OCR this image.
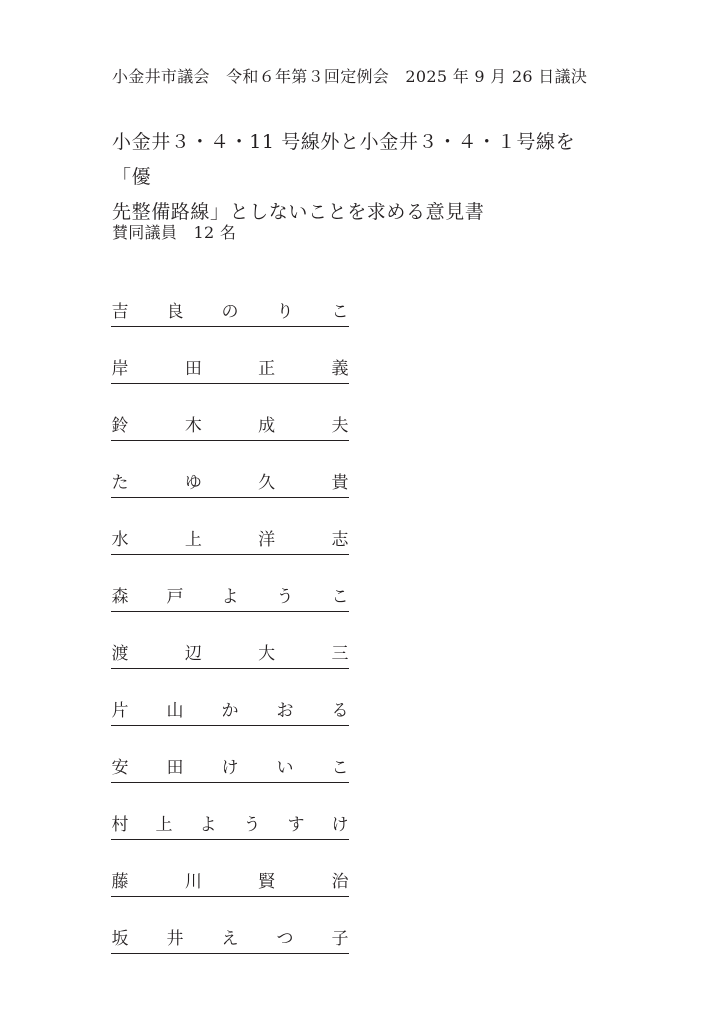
小金井市議会　令和６年第３回定例会　2025 年 9 月 26 日議決
小金井３・４・11 号線外と小金井３・４・１号線を「優
先整備路線」としないことを求める意見書
賛同議員　12 名
吉 良 の り こ
岸	田	正	義
鈴	木	成	夫
た	ゆ	久	貴
水	上	洋	志
森 戸 よ う こ
渡	辺	大	三
片 山 か お る
安 田 け い こ
村 上 よ う す け
藤	川	賢	治
坂 井 え つ 子
